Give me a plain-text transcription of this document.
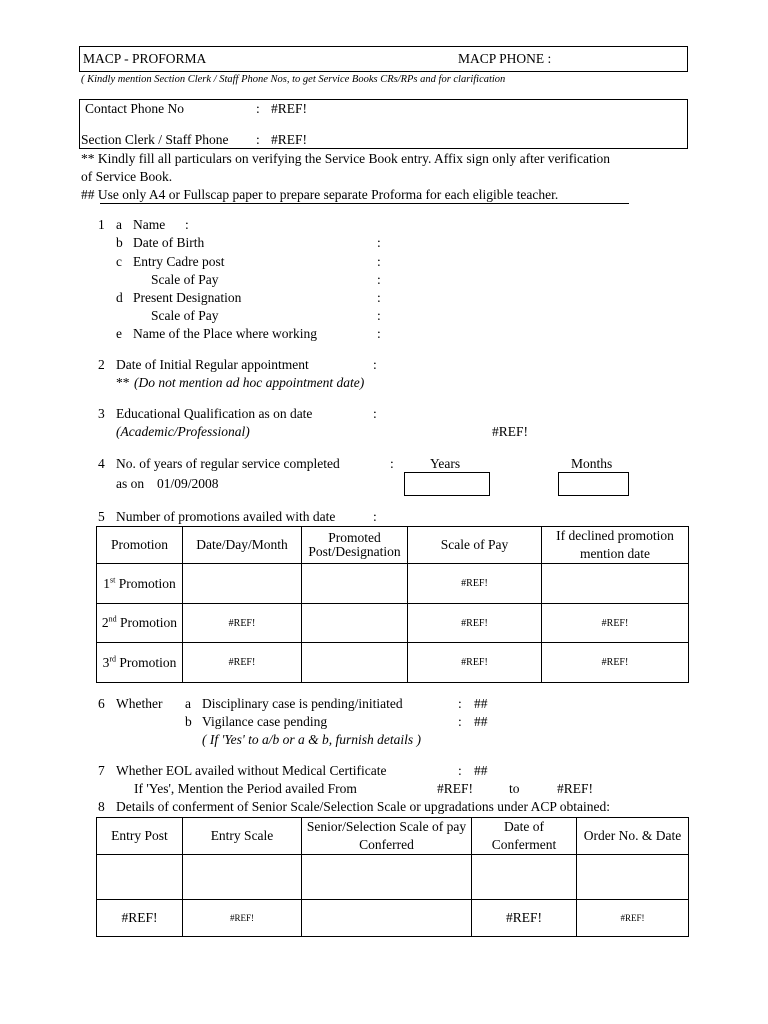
MACP - PROFORMA	MACP PHONE :
( Kindly mention Section Clerk / Staff Phone Nos, to get Service Books CRs/RPs and for clarification
Contact Phone No	: #REF!
Section Clerk / Staff Phone : #REF!
** Kindly fill all particulars on verifying the Service Book entry. Affix sign only after verification
of Service Book.
## Use only A4 or Fullscap paper to prepare separate Proforma for each eligible teacher.
1 a Name :
b Date of Birth	:
c Entry Cadre post	:
Scale of Pay	:
d Present Designation	:
Scale of Pay	:
e Name of the Place where working	:
2 Date of Initial Regular appointment	:
** (Do not mention ad hoc appointment date)
3 Educational Qualification as on date	:
(Academic/Professional)	#REF!
4 No. of years of regular service completed	:	Years	Months
as on 01/09/2008
5 Number of promotions availed with date	:
Promotion	Date/Day/Month	Promoted Post/Designation	Scale of Pay	If declined promotion mention date
1st Promotion			#REF!	
2nd Promotion	#REF!		#REF!	#REF!
3rd Promotion	#REF!		#REF!	#REF!
6 Whether a Disciplinary case is pending/initiated	: ##
b Vigilance case pending	: ##
( If 'Yes' to a/b or a & b, furnish details )
7 Whether EOL availed without Medical Certificate	: ##
If 'Yes', Mention the Period availed From	#REF!	to	#REF!
8 Details of conferment of Senior Scale/Selection Scale or upgradations under ACP obtained:
Entry Post	Entry Scale	Senior/Selection Scale of pay Conferred	Date of Conferment	Order No. & Date

#REF!	#REF!		#REF!	#REF!
